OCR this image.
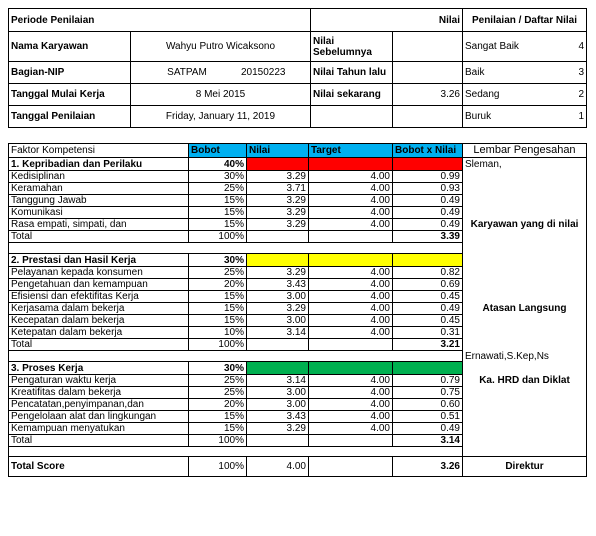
Periode Penilaian		Nilai		Penilaian / Daftar Nilai
Nama Karyawan	Wahyu Putro Wicaksono	Nilai Sebelumnya		Sangat Baik 4

Bagian-NIP	SATPAM 20150223	Nilai Tahun lalu		Baik 3

Tanggal Mulai Kerja	8 Mei 2015	Nilai sekarang	3.26	Sedang 2

Tanggal Penilaian	Friday, January 11, 2019			Buruk 1
Faktor Kompetensi	Bobot	Nilai	Target	Bobot x Nilai	Lembar Pengesahan
1. Kepribadian dan Perilaku	40%				Sleman,
Kedisiplinan	30%	3.29	4.00	0.99	
Keramahan	25%	3.71	4.00	0.93	
Tanggung Jawab	15%	3.29	4.00	0.49	
Komunikasi	15%	3.29	4.00	0.49	
Rasa empati, simpati, dan	15%	3.29	4.00	0.49	Karyawan yang di nilai
Total	100%			3.39	

2. Prestasi dan Hasil Kerja	30%				
Pelayanan kepada konsumen	25%	3.29	4.00	0.82	
Pengetahuan dan kemampuan	20%	3.43	4.00	0.69	
Efisiensi dan efektifitas Kerja	15%	3.00	4.00	0.45	
Kerjasama dalam bekerja	15%	3.29	4.00	0.49	Atasan Langsung
Kecepatan dalam bekerja	15%	3.00	4.00	0.45	
Ketepatan dalam bekerja	10%	3.14	4.00	0.31	
Total	100%			3.21	
					Ernawati,S.Kep,Ns
3. Proses Kerja	30%				
Pengaturan waktu kerja	25%	3.14	4.00	0.79	Ka. HRD dan Diklat
Kreatifitas dalam bekerja	25%	3.00	4.00	0.75	
Pencatatan,penyimpanan,dan	20%	3.00	4.00	0.60	
Pengelolaan alat dan lingkungan	15%	3.43	4.00	0.51	
Kemampuan menyatukan	15%	3.29	4.00	0.49	
Total	100%			3.14	

Total Score	100%	4.00		3.26	Direktur
